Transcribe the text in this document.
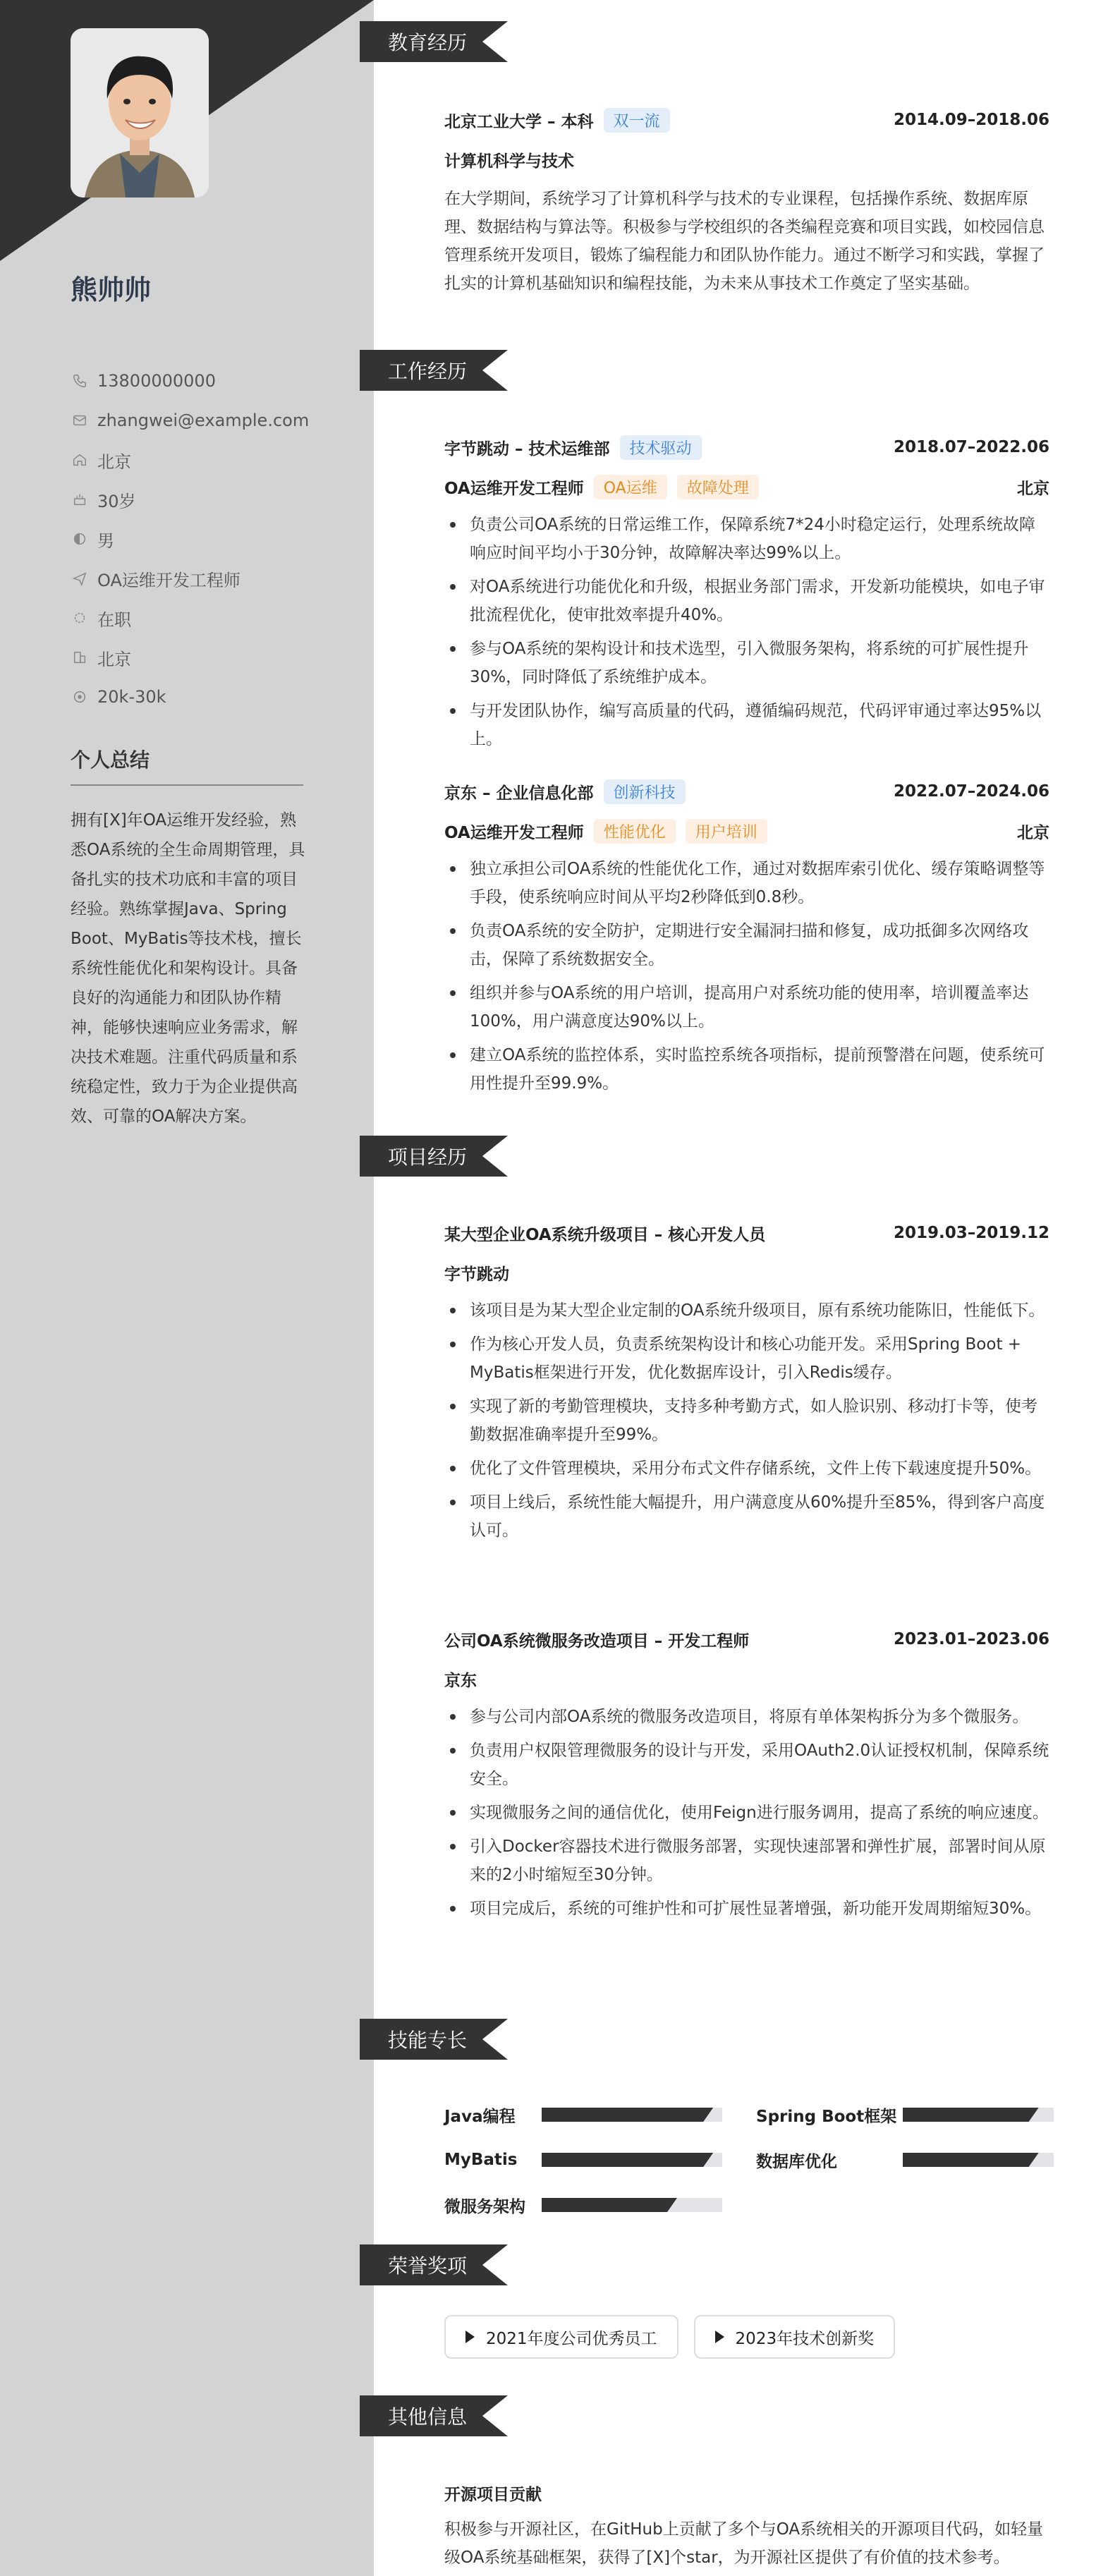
熊帅帅
13800000000
zhangwei@example.com
北京
30岁
男
OA运维开发工程师
在职
北京
20k-30k
个人总结
拥有[X]年OA运维开发经验，熟悉OA系统的全生命周期管理，具备扎实的技术功底和丰富的项目经验。熟练掌握Java、Spring Boot、MyBatis等技术栈，擅长系统性能优化和架构设计。具备良好的沟通能力和团队协作精神，能够快速响应业务需求，解决技术难题。注重代码质量和系统稳定性，致力于为企业提供高效、可靠的OA解决方案。
教育经历
北京工业大学 – 本科	双一流	2014.09–2018.06
计算机科学与技术
在大学期间，系统学习了计算机科学与技术的专业课程，包括操作系统、数据库原理、数据结构与算法等。积极参与学校组织的各类编程竞赛和项目实践，如校园信息管理系统开发项目，锻炼了编程能力和团队协作能力。通过不断学习和实践，掌握了扎实的计算机基础知识和编程技能，为未来从事技术工作奠定了坚实基础。
工作经历
字节跳动 – 技术运维部	技术驱动	2018.07–2022.06
OA运维开发工程师	OA运维	故障处理	北京
负责公司OA系统的日常运维工作，保障系统7*24小时稳定运行，处理系统故障响应时间平均小于30分钟，故障解决率达99%以上。
对OA系统进行功能优化和升级，根据业务部门需求，开发新功能模块，如电子审批流程优化，使审批效率提升40%。
参与OA系统的架构设计和技术选型，引入微服务架构，将系统的可扩展性提升30%，同时降低了系统维护成本。
与开发团队协作，编写高质量的代码，遵循编码规范，代码评审通过率达95%以上。
京东 – 企业信息化部	创新科技	2022.07–2024.06
OA运维开发工程师	性能优化	用户培训	北京
独立承担公司OA系统的性能优化工作，通过对数据库索引优化、缓存策略调整等手段，使系统响应时间从平均2秒降低到0.8秒。
负责OA系统的安全防护，定期进行安全漏洞扫描和修复，成功抵御多次网络攻击，保障了系统数据安全。
组织并参与OA系统的用户培训，提高用户对系统功能的使用率，培训覆盖率达100%，用户满意度达90%以上。
建立OA系统的监控体系，实时监控系统各项指标，提前预警潜在问题，使系统可用性提升至99.9%。
项目经历
某大型企业OA系统升级项目 – 核心开发人员	2019.03–2019.12
字节跳动
该项目是为某大型企业定制的OA系统升级项目，原有系统功能陈旧，性能低下。
作为核心开发人员，负责系统架构设计和核心功能开发。采用Spring Boot + MyBatis框架进行开发，优化数据库设计，引入Redis缓存。
实现了新的考勤管理模块，支持多种考勤方式，如人脸识别、移动打卡等，使考勤数据准确率提升至99%。
优化了文件管理模块，采用分布式文件存储系统，文件上传下载速度提升50%。
项目上线后，系统性能大幅提升，用户满意度从60%提升至85%，得到客户高度认可。
公司OA系统微服务改造项目 – 开发工程师	2023.01–2023.06
京东
参与公司内部OA系统的微服务改造项目，将原有单体架构拆分为多个微服务。
负责用户权限管理微服务的设计与开发，采用OAuth2.0认证授权机制，保障系统安全。
实现微服务之间的通信优化，使用Feign进行服务调用，提高了系统的响应速度。
引入Docker容器技术进行微服务部署，实现快速部署和弹性扩展，部署时间从原来的2小时缩短至30分钟。
项目完成后，系统的可维护性和可扩展性显著增强，新功能开发周期缩短30%。
技能专长
Java编程	Spring Boot框架
MyBatis	数据库优化
微服务架构
荣誉奖项
2021年度公司优秀员工	2023年技术创新奖
其他信息
开源项目贡献
积极参与开源社区，在GitHub上贡献了多个与OA系统相关的开源项目代码，如轻量级OA系统基础框架，获得了[X]个star，为开源社区提供了有价值的技术参考。
